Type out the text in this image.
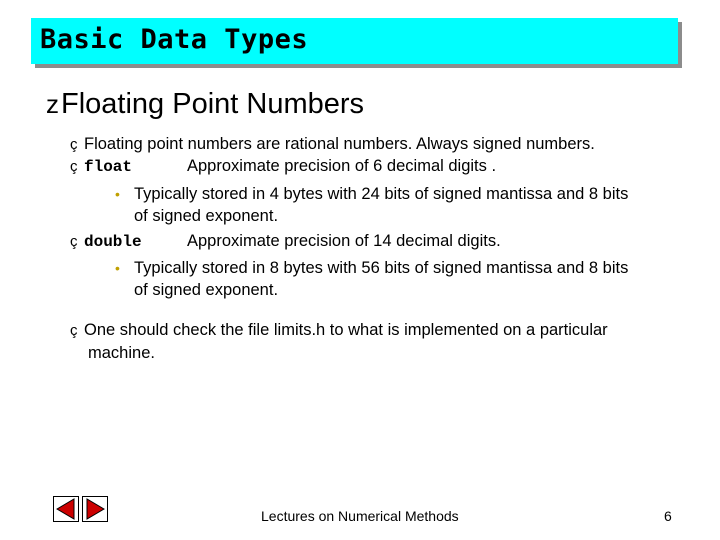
Basic Data Types
zFloating Point Numbers
ç Floating point numbers are rational numbers. Always signed numbers.
ç float	Approximate precision of 6 decimal digits .
• Typically stored in 4 bytes with 24 bits of signed mantissa and 8 bits
of signed exponent.
ç double	Approximate precision of 14 decimal digits.
• Typically stored in 8 bytes with 56 bits of signed mantissa and 8 bits
of signed exponent.
ç One should check the file limits.h to what is implemented on a particular
machine.
Lectures on Numerical Methods	6
